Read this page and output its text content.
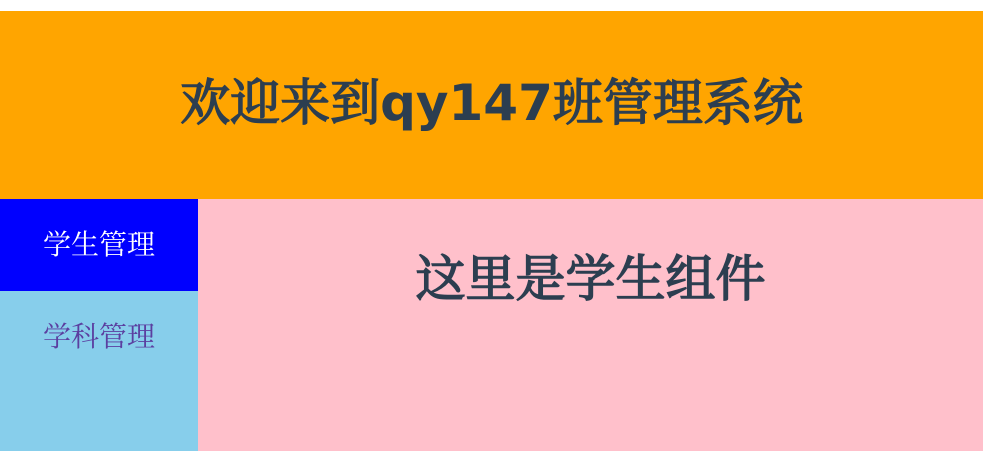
欢迎来到qy147班管理系统
学生管理
学科管理
这里是学生组件
